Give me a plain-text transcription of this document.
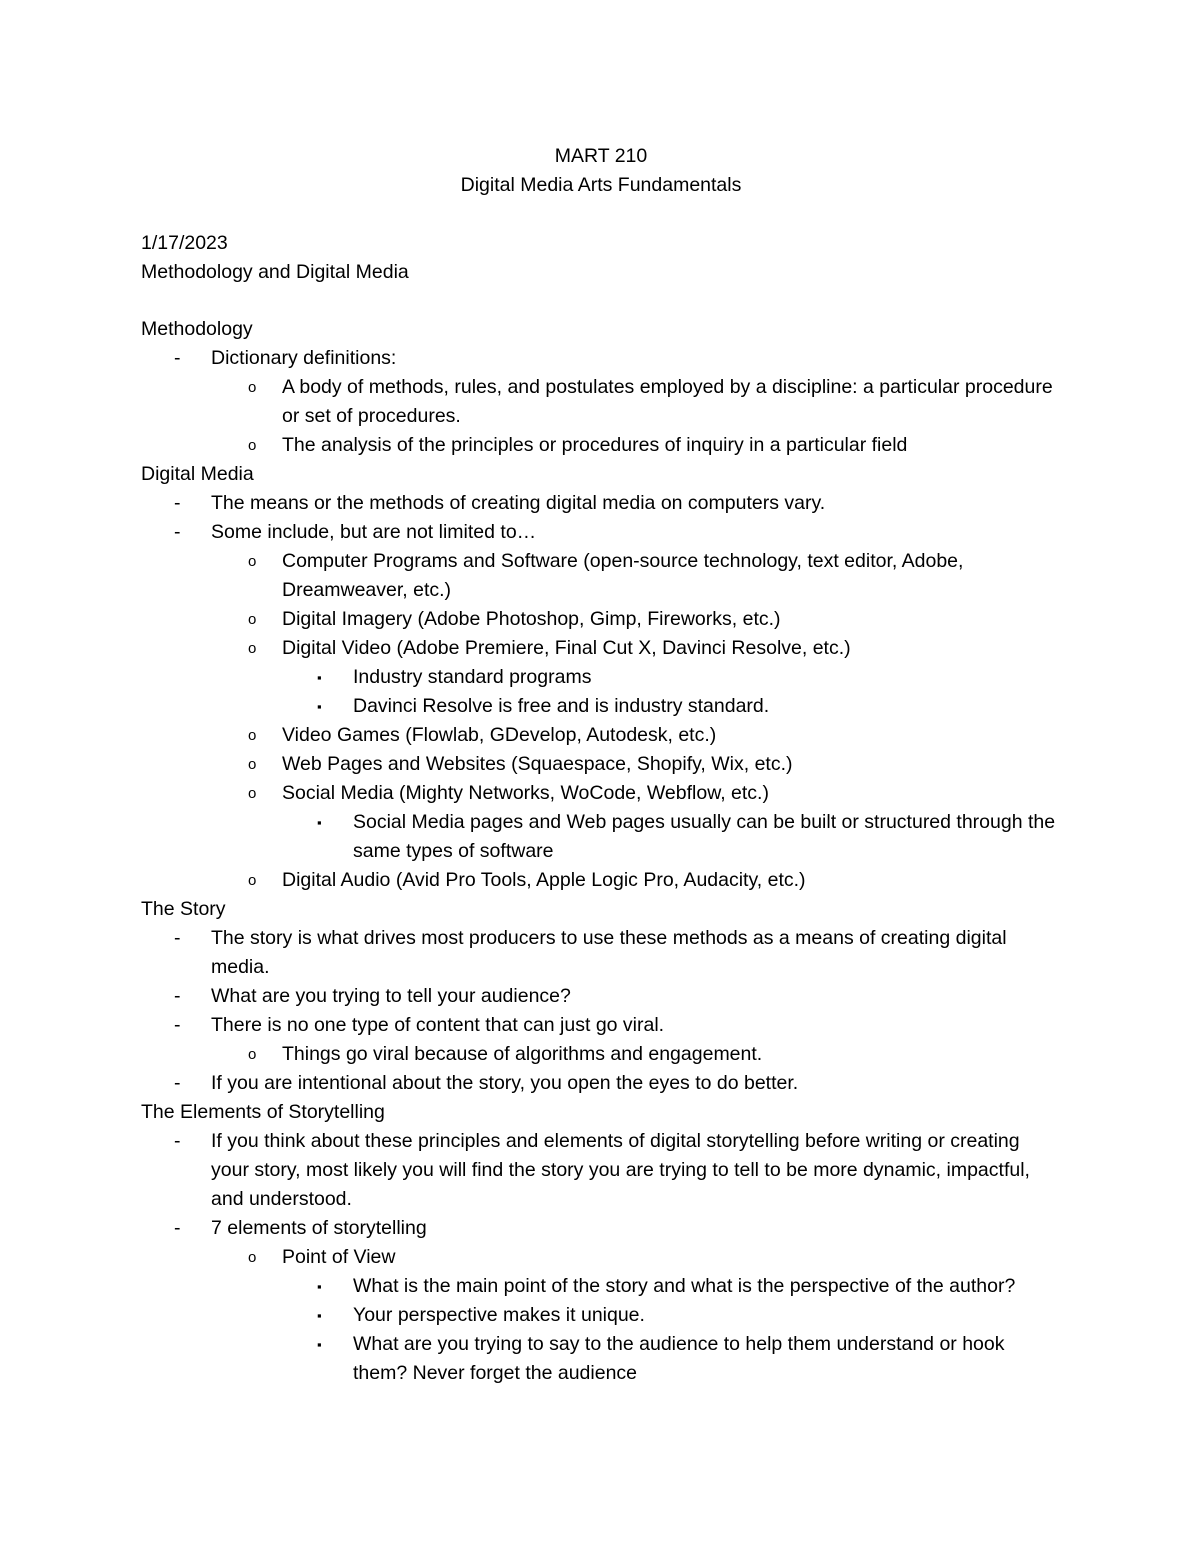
MART 210
Digital Media Arts Fundamentals
1/17/2023
Methodology and Digital Media
Methodology
- Dictionary definitions:
o A body of methods, rules, and postulates employed by a discipline: a particular procedure or set of procedures.
o The analysis of the principles or procedures of inquiry in a particular field
Digital Media
- The means or the methods of creating digital media on computers vary.
- Some include, but are not limited to…
o Computer Programs and Software (open-source technology, text editor, Adobe, Dreamweaver, etc.)
o Digital Imagery (Adobe Photoshop, Gimp, Fireworks, etc.)
o Digital Video (Adobe Premiere, Final Cut X, Davinci Resolve, etc.)
▪ Industry standard programs
▪ Davinci Resolve is free and is industry standard.
o Video Games (Flowlab, GDevelop, Autodesk, etc.)
o Web Pages and Websites (Squaespace, Shopify, Wix, etc.)
o Social Media (Mighty Networks, WoCode, Webflow, etc.)
▪ Social Media pages and Web pages usually can be built or structured through the same types of software
o Digital Audio (Avid Pro Tools, Apple Logic Pro, Audacity, etc.)
The Story
- The story is what drives most producers to use these methods as a means of creating digital media.
- What are you trying to tell your audience?
- There is no one type of content that can just go viral.
o Things go viral because of algorithms and engagement.
- If you are intentional about the story, you open the eyes to do better.
The Elements of Storytelling
- If you think about these principles and elements of digital storytelling before writing or creating your story, most likely you will find the story you are trying to tell to be more dynamic, impactful, and understood.
- 7 elements of storytelling
o Point of View
▪ What is the main point of the story and what is the perspective of the author?
▪ Your perspective makes it unique.
▪ What are you trying to say to the audience to help them understand or hook them? Never forget the audience
